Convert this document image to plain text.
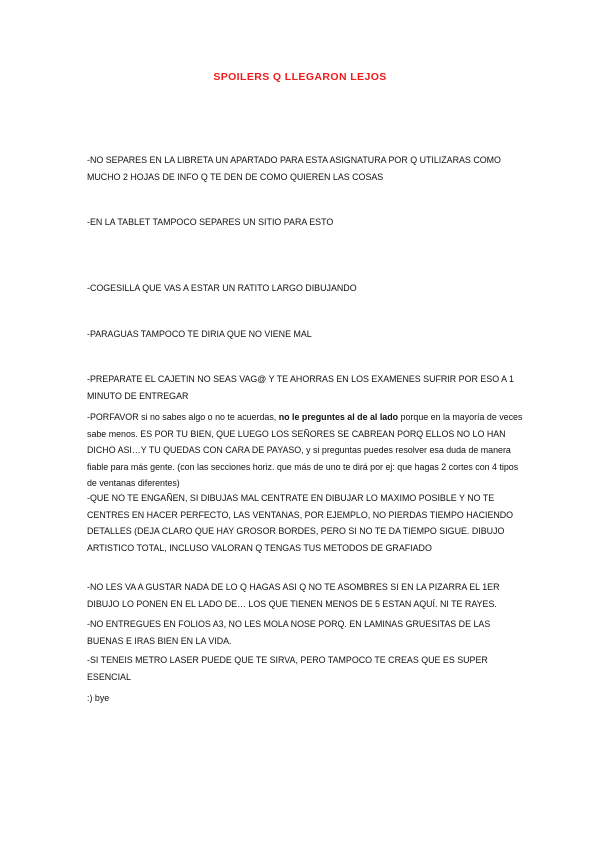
SPOILERS Q LLEGARON LEJOS

-NO SEPARES EN LA LIBRETA UN APARTADO PARA ESTA ASIGNATURA POR Q UTILIZARAS COMO MUCHO 2 HOJAS DE INFO Q TE DEN DE COMO QUIEREN LAS COSAS

-EN LA TABLET TAMPOCO SEPARES UN SITIO PARA ESTO

-COGESILLA QUE VAS A ESTAR UN RATITO LARGO DIBUJANDO

-PARAGUAS TAMPOCO TE DIRIA QUE NO VIENE MAL

-PREPARATE EL CAJETIN NO SEAS VAG@ Y TE AHORRAS EN LOS EXAMENES SUFRIR POR ESO A 1 MINUTO DE ENTREGAR

-PORFAVOR si no sabes algo o no te acuerdas, no le preguntes al de al lado porque en la mayoría de veces sabe menos. ES POR TU BIEN, QUE LUEGO LOS SEÑORES SE CABREAN PORQ ELLOS NO LO HAN DICHO ASI…Y TU QUEDAS CON CARA DE PAYASO, y si preguntas puedes resolver esa duda de manera fiable para más gente. (con las secciones horiz. que más de uno te dirá por ej: que hagas 2 cortes con 4 tipos de ventanas diferentes)

-QUE NO TE ENGAÑEN, SI DIBUJAS MAL CENTRATE EN DIBUJAR LO MAXIMO POSIBLE Y NO TE CENTRES EN HACER PERFECTO, LAS VENTANAS, POR EJEMPLO, NO PIERDAS TIEMPO HACIENDO DETALLES (DEJA CLARO QUE HAY GROSOR BORDES, PERO SI NO TE DA TIEMPO SIGUE. DIBUJO ARTISTICO TOTAL, INCLUSO VALORAN Q TENGAS TUS METODOS DE GRAFIADO

-NO LES VA A GUSTAR NADA DE LO Q HAGAS ASI Q NO TE ASOMBRES SI EN LA PIZARRA EL 1ER DIBUJO LO PONEN EN EL LADO DE… LOS QUE TIENEN MENOS DE 5 ESTAN AQUÍ. NI TE RAYES.

-NO ENTREGUES EN FOLIOS A3, NO LES MOLA NOSE PORQ. EN LAMINAS GRUESITAS DE LAS BUENAS E IRAS BIEN EN LA VIDA.

-SI TENEIS METRO LASER PUEDE QUE TE SIRVA, PERO TAMPOCO TE CREAS QUE ES SUPER ESENCIAL

:) bye
